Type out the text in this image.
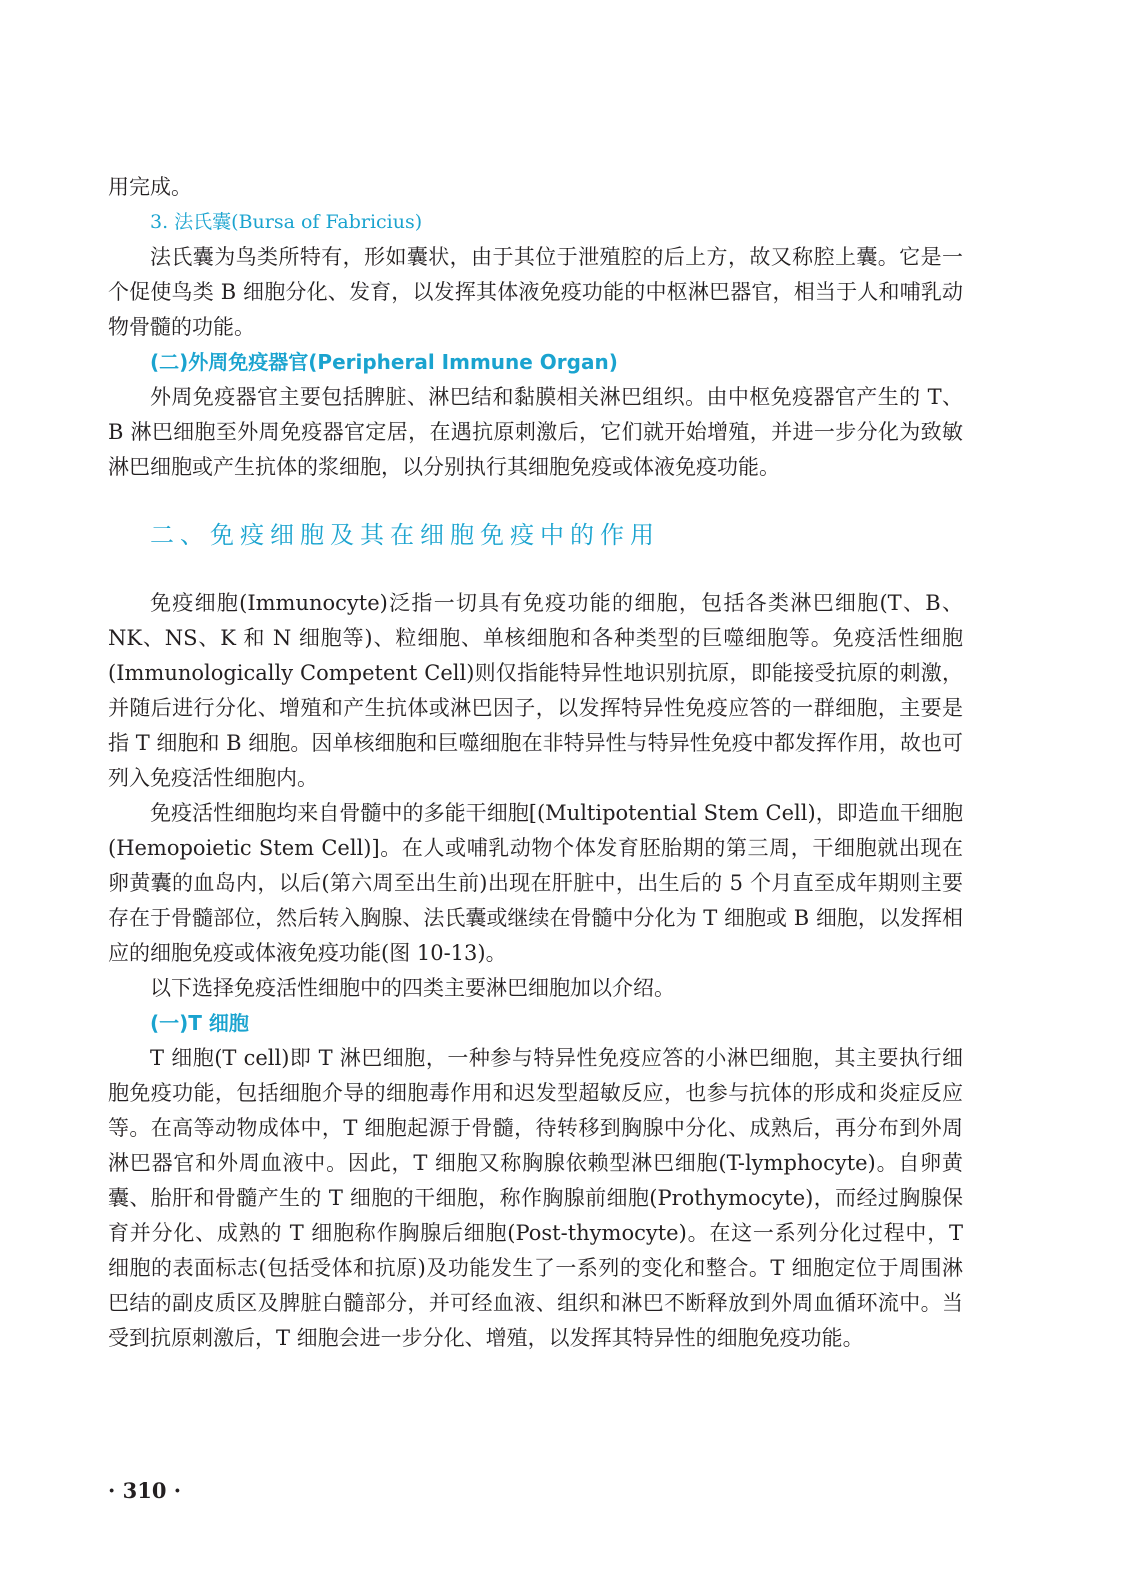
用完成。

3. 法氏囊(Bursa of Fabricius)

法氏囊为鸟类所特有，形如囊状，由于其位于泄殖腔的后上方，故又称腔上囊。它是一个促使鸟类 B 细胞分化、发育，以发挥其体液免疫功能的中枢淋巴器官，相当于人和哺乳动物骨髓的功能。

(二)外周免疫器官(Peripheral Immune Organ)

外周免疫器官主要包括脾脏、淋巴结和黏膜相关淋巴组织。由中枢免疫器官产生的 T、B 淋巴细胞至外周免疫器官定居，在遇抗原刺激后，它们就开始增殖，并进一步分化为致敏淋巴细胞或产生抗体的浆细胞，以分别执行其细胞免疫或体液免疫功能。

二、免疫细胞及其在细胞免疫中的作用

免疫细胞(Immunocyte)泛指一切具有免疫功能的细胞，包括各类淋巴细胞(T、B、NK、NS、K 和 N 细胞等)、粒细胞、单核细胞和各种类型的巨噬细胞等。免疫活性细胞(Immunologically Competent Cell)则仅指能特异性地识别抗原，即能接受抗原的刺激，并随后进行分化、增殖和产生抗体或淋巴因子，以发挥特异性免疫应答的一群细胞，主要是指 T 细胞和 B 细胞。因单核细胞和巨噬细胞在非特异性与特异性免疫中都发挥作用，故也可列入免疫活性细胞内。

免疫活性细胞均来自骨髓中的多能干细胞[(Multipotential Stem Cell)，即造血干细胞(Hemopoietic Stem Cell)]。在人或哺乳动物个体发育胚胎期的第三周，干细胞就出现在卵黄囊的血岛内，以后(第六周至出生前)出现在肝脏中，出生后的 5 个月直至成年期则主要存在于骨髓部位，然后转入胸腺、法氏囊或继续在骨髓中分化为 T 细胞或 B 细胞，以发挥相应的细胞免疫或体液免疫功能(图 10-13)。

以下选择免疫活性细胞中的四类主要淋巴细胞加以介绍。

(一)T 细胞

T 细胞(T cell)即 T 淋巴细胞，一种参与特异性免疫应答的小淋巴细胞，其主要执行细胞免疫功能，包括细胞介导的细胞毒作用和迟发型超敏反应，也参与抗体的形成和炎症反应等。在高等动物成体中，T 细胞起源于骨髓，待转移到胸腺中分化、成熟后，再分布到外周淋巴器官和外周血液中。因此，T 细胞又称胸腺依赖型淋巴细胞(T-lymphocyte)。自卵黄囊、胎肝和骨髓产生的 T 细胞的干细胞，称作胸腺前细胞(Prothymocyte)，而经过胸腺保育并分化、成熟的 T 细胞称作胸腺后细胞(Post-thymocyte)。在这一系列分化过程中，T 细胞的表面标志(包括受体和抗原)及功能发生了一系列的变化和整合。T 细胞定位于周围淋巴结的副皮质区及脾脏白髓部分，并可经血液、组织和淋巴不断释放到外周血循环流中。当受到抗原刺激后，T 细胞会进一步分化、增殖，以发挥其特异性的细胞免疫功能。

· 310 ·
